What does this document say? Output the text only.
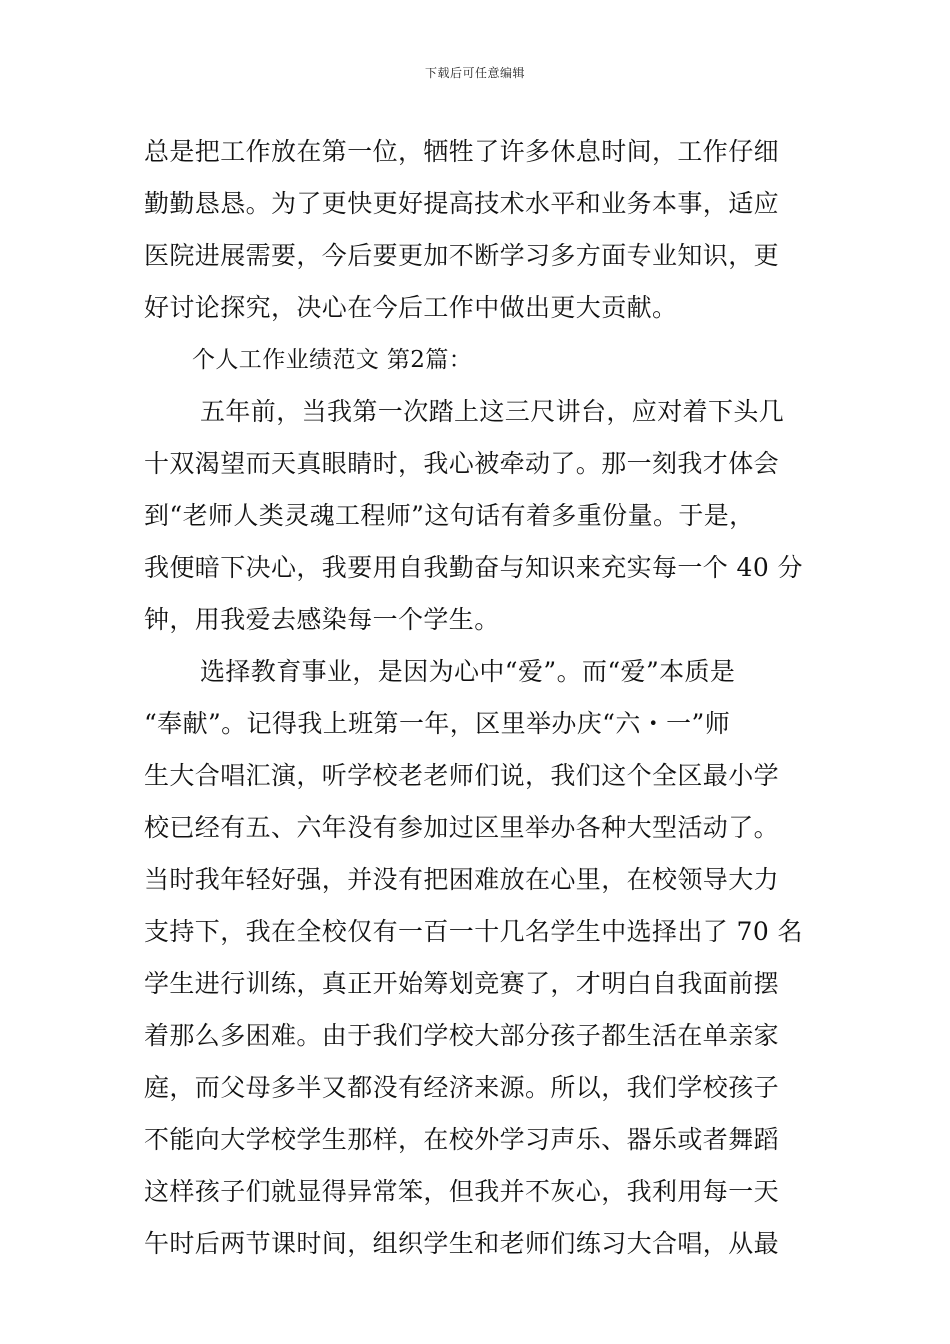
下载后可任意编辑
总是把工作放在第一位，牺牲了许多休息时间，工作仔细
勤勤恳恳。为了更快更好提高技术水平和业务本事，适应
医院进展需要，今后要更加不断学习多方面专业知识，更
好讨论探究，决心在今后工作中做出更大贡献。
个人工作业绩范文 第2篇：
五年前，当我第一次踏上这三尺讲台，应对着下头几
十双渴望而天真眼睛时，我心被牵动了。那一刻我才体会
到“老师人类灵魂工程师”这句话有着多重份量。于是，
我便暗下决心，我要用自我勤奋与知识来充实每一个 40 分
钟，用我爱去感染每一个学生。
选择教育事业，是因为心中“爱”。而“爱”本质是
“奉献”。记得我上班第一年，区里举办庆“六・一”师
生大合唱汇演，听学校老老师们说，我们这个全区最小学
校已经有五、六年没有参加过区里举办各种大型活动了。
当时我年轻好强，并没有把困难放在心里，在校领导大力
支持下，我在全校仅有一百一十几名学生中选择出了 70 名
学生进行训练，真正开始筹划竞赛了，才明白自我面前摆
着那么多困难。由于我们学校大部分孩子都生活在单亲家
庭，而父母多半又都没有经济来源。所以，我们学校孩子
不能向大学校学生那样，在校外学习声乐、器乐或者舞蹈
这样孩子们就显得异常笨，但我并不灰心，我利用每一天
午时后两节课时间，组织学生和老师们练习大合唱，从最
